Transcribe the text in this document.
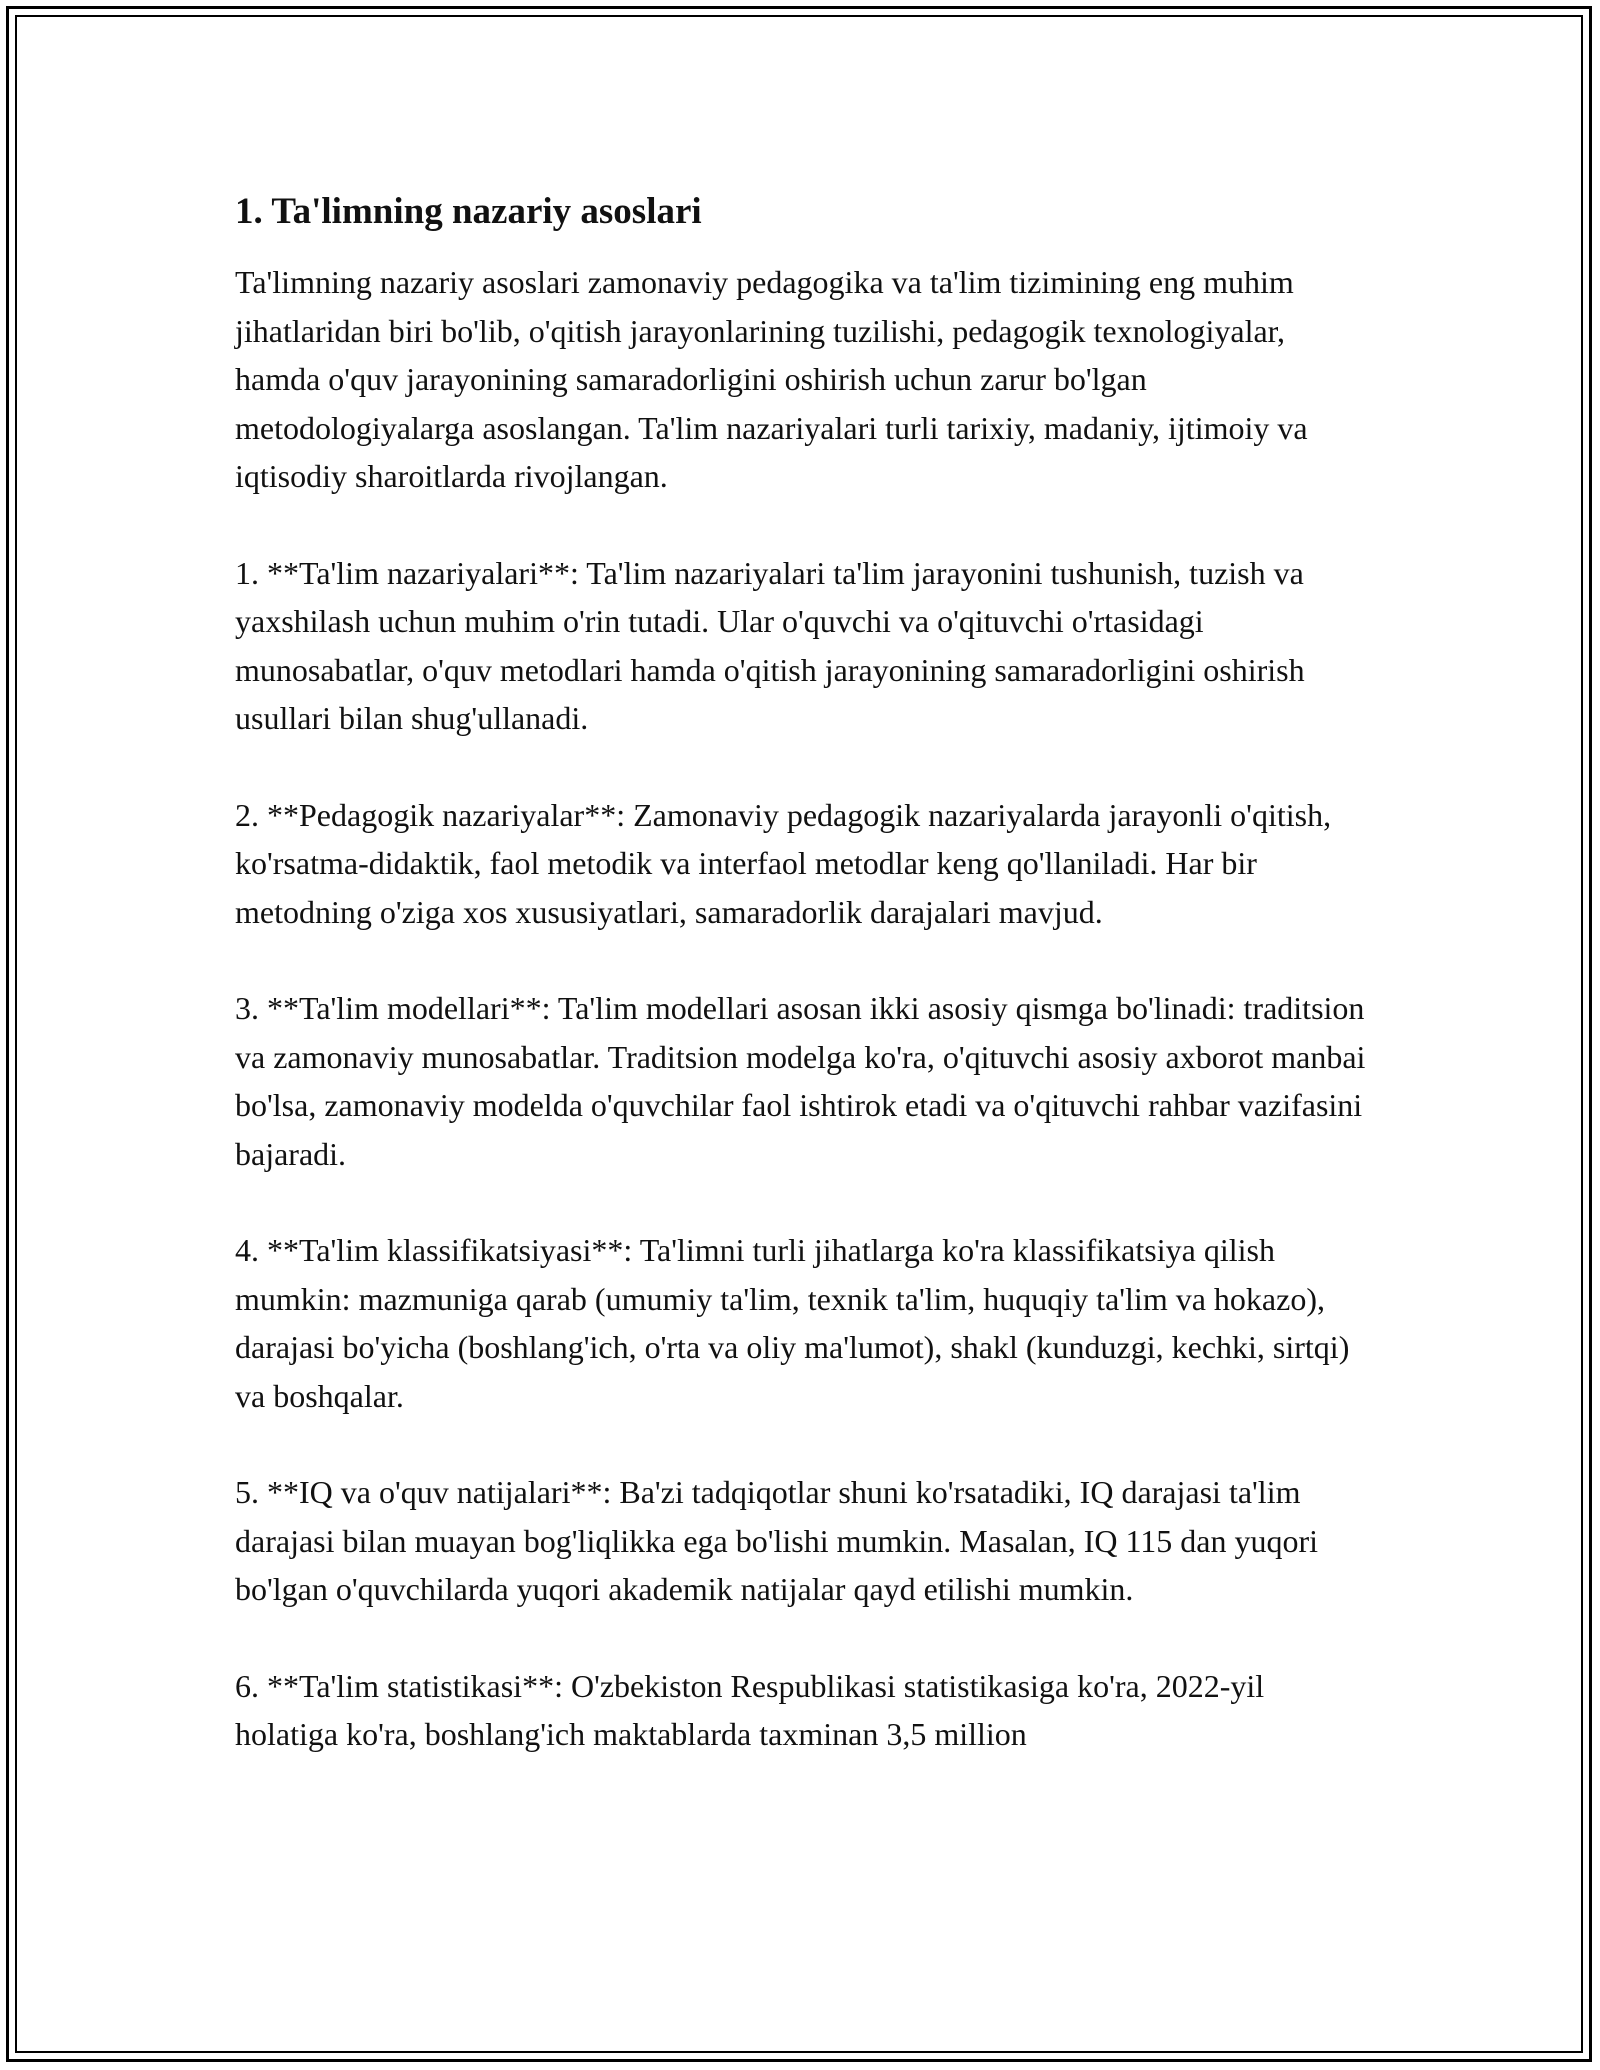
1. Ta'limning nazariy asoslari

Ta'limning nazariy asoslari zamonaviy pedagogika va ta'lim tizimining eng muhim jihatlaridan biri bo'lib, o'qitish jarayonlarining tuzilishi, pedagogik texnologiyalar, hamda o'quv jarayonining samaradorligini oshirish uchun zarur bo'lgan metodologiyalarga asoslangan. Ta'lim nazariyalari turli tarixiy, madaniy, ijtimoiy va iqtisodiy sharoitlarda rivojlangan.

1. **Ta'lim nazariyalari**: Ta'lim nazariyalari ta'lim jarayonini tushunish, tuzish va yaxshilash uchun muhim o'rin tutadi. Ular o'quvchi va o'qituvchi o'rtasidagi munosabatlar, o'quv metodlari hamda o'qitish jarayonining samaradorligini oshirish usullari bilan shug'ullanadi.

2. **Pedagogik nazariyalar**: Zamonaviy pedagogik nazariyalarda jarayonli o'qitish, ko'rsatma-didaktik, faol metodik va interfaol metodlar keng qo'llaniladi. Har bir metodning o'ziga xos xususiyatlari, samaradorlik darajalari mavjud.

3. **Ta'lim modellari**: Ta'lim modellari asosan ikki asosiy qismga bo'linadi: traditsion va zamonaviy munosabatlar. Traditsion modelga ko'ra, o'qituvchi asosiy axborot manbai bo'lsa, zamonaviy modelda o'quvchilar faol ishtirok etadi va o'qituvchi rahbar vazifasini bajaradi.

4. **Ta'lim klassifikatsiyasi**: Ta'limni turli jihatlarga ko'ra klassifikatsiya qilish mumkin: mazmuniga qarab (umumiy ta'lim, texnik ta'lim, huquqiy ta'lim va hokazo), darajasi bo'yicha (boshlang'ich, o'rta va oliy ma'lumot), shakl (kunduzgi, kechki, sirtqi) va boshqalar.

5. **IQ va o'quv natijalari**: Ba'zi tadqiqotlar shuni ko'rsatadiki, IQ darajasi ta'lim darajasi bilan muayan bog'liqlikka ega bo'lishi mumkin. Masalan, IQ 115 dan yuqori bo'lgan o'quvchilarda yuqori akademik natijalar qayd etilishi mumkin.

6. **Ta'lim statistikasi**: O'zbekiston Respublikasi statistikasiga ko'ra, 2022-yil holatiga ko'ra, boshlang'ich maktablarda taxminan 3,5 million
